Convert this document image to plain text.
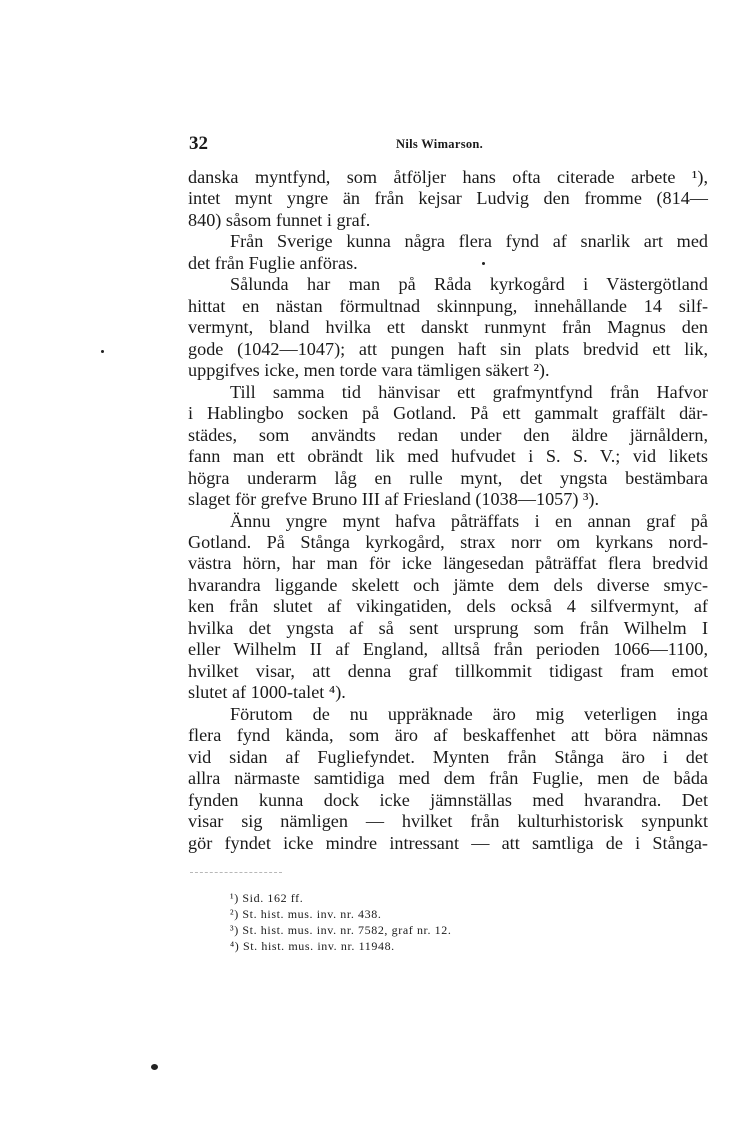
32	Nils Wimarson.
danska myntfynd, som åtföljer hans ofta citerade arbete ¹),
intet mynt yngre än från kejsar Ludvig den fromme (814—
840) såsom funnet i graf.
Från Sverige kunna några flera fynd af snarlik art med
det från Fuglie anföras.
Sålunda har man på Råda kyrkogård i Västergötland
hittat en nästan förmultnad skinnpung, innehållande 14 silf-
vermynt, bland hvilka ett danskt runmynt från Magnus den
gode (1042—1047); att pungen haft sin plats bredvid ett lik,
uppgifves icke, men torde vara tämligen säkert ²).
Till samma tid hänvisar ett grafmyntfynd från Hafvor
i Hablingbo socken på Gotland. På ett gammalt graffält där-
städes, som användts redan under den äldre järnåldern,
fann man ett obrändt lik med hufvudet i S. S. V.; vid likets
högra underarm låg en rulle mynt, det yngsta bestämbara
slaget för grefve Bruno III af Friesland (1038—1057) ³).
Ännu yngre mynt hafva påträffats i en annan graf på
Gotland. På Stånga kyrkogård, strax norr om kyrkans nord-
västra hörn, har man för icke längesedan påträffat flera bredvid
hvarandra liggande skelett och jämte dem dels diverse smyc-
ken från slutet af vikingatiden, dels också 4 silfvermynt, af
hvilka det yngsta af så sent ursprung som från Wilhelm I
eller Wilhelm II af England, alltså från perioden 1066—1100,
hvilket visar, att denna graf tillkommit tidigast fram emot
slutet af 1000-talet ⁴).
Förutom de nu uppräknade äro mig veterligen inga
flera fynd kända, som äro af beskaffenhet att böra nämnas
vid sidan af Fugliefyndet. Mynten från Stånga äro i det
allra närmaste samtidiga med dem från Fuglie, men de båda
fynden kunna dock icke jämnställas med hvarandra. Det
visar sig nämligen — hvilket från kulturhistorisk synpunkt
gör fyndet icke mindre intressant — att samtliga de i Stånga-
¹) Sid. 162 ff.
²) St. hist. mus. inv. nr. 438.
³) St. hist. mus. inv. nr. 7582, graf nr. 12.
⁴) St. hist. mus. inv. nr. 11948.
